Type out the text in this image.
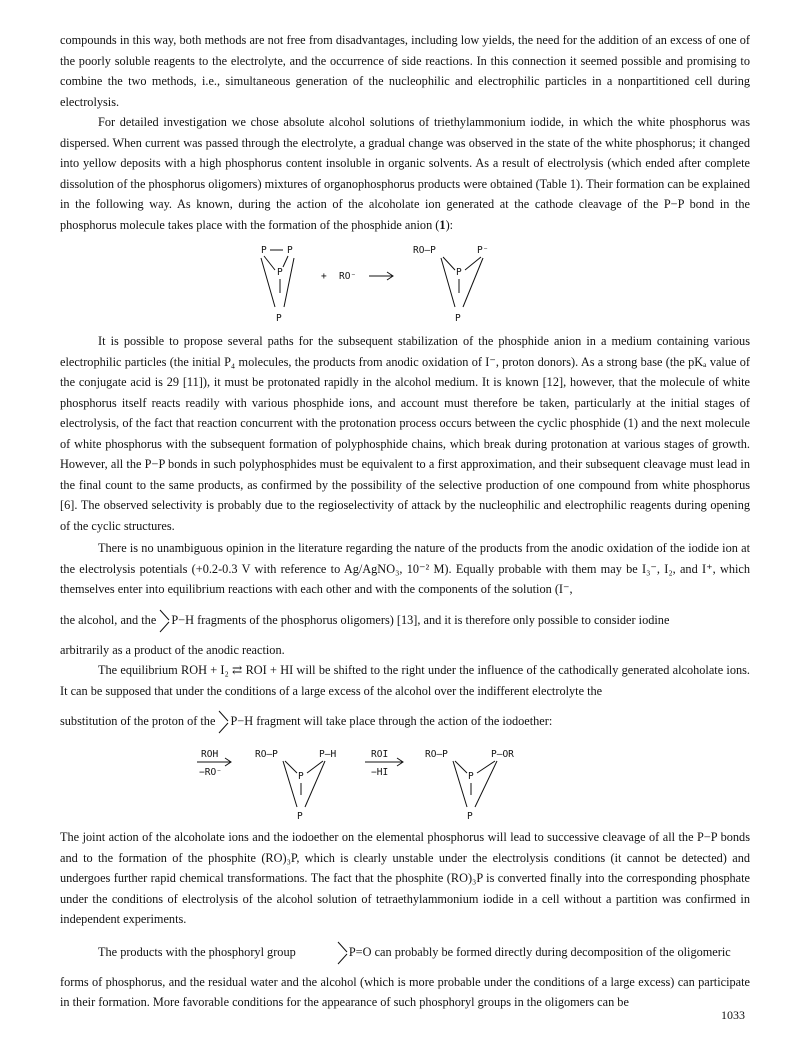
compounds in this way, both methods are not free from disadvantages, including low yields, the need for the addition of an excess of one of the poorly soluble reagents to the electrolyte, and the occurrence of side reactions. In this connection it seemed possible and promising to combine the two methods, i.e., simultaneous generation of the nucleophilic and electrophilic particles in a nonpartitioned cell during electrolysis.

For detailed investigation we chose absolute alcohol solutions of triethylammonium iodide, in which the white phosphorus was dispersed. When current was passed through the electrolyte, a gradual change was observed in the state of the white phosphorus; it changed into yellow deposits with a high phosphorus content insoluble in organic solvents. As a result of electrolysis (which ended after complete dissolution of the phosphorus oligomers) mixtures of organophosphorus products were obtained (Table 1). Their formation can be explained in the following way. As known, during the action of the alcoholate ion generated at the cathode cleavage of the P−P bond in the phosphorus molecule takes place with the formation of the phosphide anion (1):

P P
P
P
+ RO⁻
RO—P	P⁻
P
P

It is possible to propose several paths for the subsequent stabilization of the phosphide anion in a medium containing various electrophilic particles (the initial P₄ molecules, the products from anodic oxidation of I⁻, proton donors). As a strong base (the pKₐ value of the conjugate acid is 29 [11]), it must be protonated rapidly in the alcohol medium. It is known [12], however, that the molecule of white phosphorus itself reacts readily with various phosphide ions, and account must therefore be taken, particularly at the initial stages of electrolysis, of the fact that reaction concurrent with the protonation process occurs between the cyclic phosphide (1) and the next molecule of white phosphorus with the subsequent formation of polyphosphide chains, which break during protonation at various stages of growth. However, all the P−P bonds in such polyphosphides must be equivalent to a first approximation, and their subsequent cleavage must lead in the final count to the same products, as confirmed by the possibility of the selective production of one compound from white phosphorus [6]. The observed selectivity is probably due to the regioselectivity of attack by the nucleophilic and electrophilic reagents during opening of the cyclic structures.

There is no unambiguous opinion in the literature regarding the nature of the products from the anodic oxidation of the iodide ion at the electrolysis potentials (+0.2-0.3 V with reference to Ag/AgNO₃, 10⁻² M). Equally probable with them may be I₃⁻, I₂, and I⁺, which themselves enter into equilibrium reactions with each other and with the components of the solution (I⁻,

the alcohol, and the P−H fragments of the phosphorus oligomers) [13], and it is therefore only possible to consider iodine

arbitrarily as a product of the anodic reaction.

The equilibrium ROH + I₂ ⇄ ROI + HI will be shifted to the right under the influence of the cathodically generated alcoholate ions. It can be supposed that under the conditions of a large excess of the alcohol over the indifferent electrolyte the

substitution of the proton of the P−H fragment will take place through the action of the iodoether:

ROH
−RO⁻
RO—P	P—H
P
P
ROI
−HI
RO—P	P—OR
P
P

The joint action of the alcoholate ions and the iodoether on the elemental phosphorus will lead to successive cleavage of all the P−P bonds and to the formation of the phosphite (RO)₃P, which is clearly unstable under the electrolysis conditions (it cannot be detected) and undergoes further rapid chemical transformations. The fact that the phosphite (RO)₃P is converted finally into the corresponding phosphate under the conditions of electrolysis of the alcohol solution of tetraethylammonium iodide in a cell without a partition was confirmed in independent experiments.

The products with the phosphoryl group	P=O can probably be formed directly during decomposition of the oligomeric

forms of phosphorus, and the residual water and the alcohol (which is more probable under the conditions of a large excess) can participate in their formation. More favorable conditions for the appearance of such phosphoryl groups in the oligomers can be

1033
